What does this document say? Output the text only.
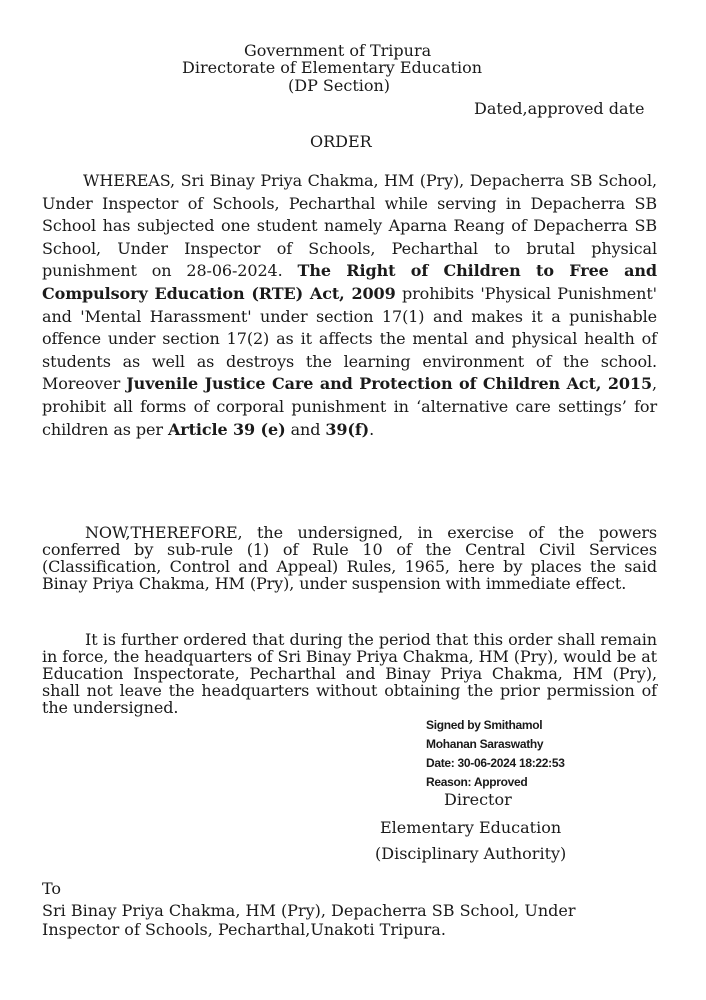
Government of Tripura
Directorate of Elementary Education
(DP Section)
Dated,approved date
ORDER
WHEREAS, Sri Binay Priya Chakma, HM (Pry), Depacherra SB School, Under Inspector of Schools, Pecharthal while serving in Depacherra SB School has subjected one student namely Aparna Reang of Depacherra SB School, Under Inspector of Schools, Pecharthal to brutal physical punishment on 28-06-2024. The Right of Children to Free and Compulsory Education (RTE) Act, 2009 prohibits 'Physical Punishment' and 'Mental Harassment' under section 17(1) and makes it a punishable offence under section 17(2) as it affects the mental and physical health of students as well as destroys the learning environment of the school. Moreover Juvenile Justice Care and Protection of Children Act, 2015, prohibit all forms of corporal punishment in ‘alternative care settings’ for children as per Article 39 (e) and 39(f).
NOW,THEREFORE, the undersigned, in exercise of the powers conferred by sub-rule (1) of Rule 10 of the Central Civil Services (Classification, Control and Appeal) Rules, 1965, here by places the said Binay Priya Chakma, HM (Pry), under suspension with immediate effect.
It is further ordered that during the period that this order shall remain in force, the headquarters of Sri Binay Priya Chakma, HM (Pry), would be at Education Inspectorate, Pecharthal and Binay Priya Chakma, HM (Pry), shall not leave the headquarters without obtaining the prior permission of the undersigned.
Signed by Smithamol
Mohanan Saraswathy
Date: 30-06-2024 18:22:53
Reason: Approved
Director
Elementary Education
(Disciplinary Authority)
To
Sri Binay Priya Chakma, HM (Pry), Depacherra SB School, Under
Inspector of Schools, Pecharthal,Unakoti Tripura.
